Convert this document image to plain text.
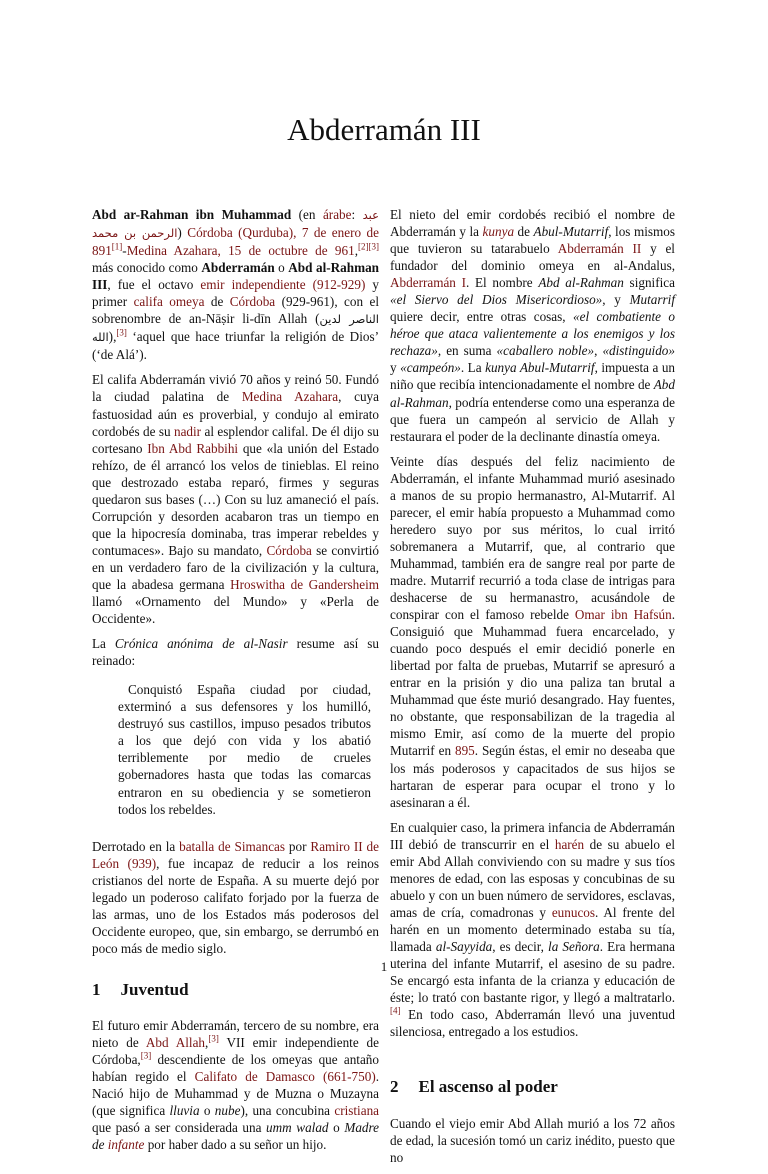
Abderramán III

Abd ar-Rahman ibn Muhammad (en árabe: عبد الرحمن بن محمد) Córdoba (Qurduba), 7 de enero de 891[1]-Medina Azahara, 15 de octubre de 961,[2][3] más conocido como Abderramán o Abd al-Rahman III, fue el octavo emir independiente (912-929) y primer califa omeya de Córdoba (929-961), con el sobrenombre de an-Nāṣir li-dīn Allah (الناصر لدين الله),[3] ‘aquel que hace triunfar la religión de Dios’ (‘de Alá’).

El califa Abderramán vivió 70 años y reinó 50. Fundó la ciudad palatina de Medina Azahara, cuya fastuosidad aún es proverbial, y condujo al emirato cordobés de su nadir al esplendor califal. De él dijo su cortesano Ibn Abd Rabbihi que «la unión del Estado rehízo, de él arrancó los velos de tinieblas. El reino que destrozado estaba reparó, firmes y seguras quedaron sus bases (…) Con su luz amaneció el país. Corrupción y desorden acabaron tras un tiempo en que la hipocresía dominaba, tras imperar rebeldes y contumaces». Bajo su mandato, Córdoba se convirtió en un verdadero faro de la civilización y la cultura, que la abadesa germana Hroswitha de Gandersheim llamó «Ornamento del Mundo» y «Perla de Occidente».

La Crónica anónima de al-Nasir resume así su reinado:

Conquistó España ciudad por ciudad, exterminó a sus defensores y los humilló, destruyó sus castillos, impuso pesados tributos a los que dejó con vida y los abatió terriblemente por medio de crueles gobernadores hasta que todas las comarcas entraron en su obediencia y se sometieron todos los rebeldes.

Derrotado en la batalla de Simancas por Ramiro II de León (939), fue incapaz de reducir a los reinos cristianos del norte de España. A su muerte dejó por legado un poderoso califato forjado por la fuerza de las armas, uno de los Estados más poderosos del Occidente europeo, que, sin embargo, se derrumbó en poco más de medio siglo.

1 Juventud

El futuro emir Abderramán, tercero de su nombre, era nieto de Abd Allah,[3] VII emir independiente de Córdoba,[3] descendiente de los omeyas que antaño habían regido el Califato de Damasco (661-750). Nació hijo de Muhammad y de Muzna o Muzayna (que significa lluvia o nube), una concubina cristiana que pasó a ser considerada una umm walad o Madre de infante por haber dado a su señor un hijo.

El nieto del emir cordobés recibió el nombre de Abderramán y la kunya de Abul-Mutarrif, los mismos que tuvieron su tatarabuelo Abderramán II y el fundador del dominio omeya en al-Andalus, Abderramán I. El nombre Abd al-Rahman significa «el Siervo del Dios Misericordioso», y Mutarrif quiere decir, entre otras cosas, «el combatiente o héroe que ataca valientemente a los enemigos y los rechaza», en suma «caballero noble», «distinguido» y «campeón». La kunya Abul-Mutarrif, impuesta a un niño que recibía intencionadamente el nombre de Abd al-Rahman, podría entenderse como una esperanza de que fuera un campeón al servicio de Allah y restaurara el poder de la declinante dinastía omeya.

Veinte días después del feliz nacimiento de Abderramán, el infante Muhammad murió asesinado a manos de su propio hermanastro, Al-Mutarrif. Al parecer, el emir había propuesto a Muhammad como heredero suyo por sus méritos, lo cual irritó sobremanera a Mutarrif, que, al contrario que Muhammad, también era de sangre real por parte de madre. Mutarrif recurrió a toda clase de intrigas para deshacerse de su hermanastro, acusándole de conspirar con el famoso rebelde Omar ibn Hafsún. Consiguió que Muhammad fuera encarcelado, y cuando poco después el emir decidió ponerle en libertad por falta de pruebas, Mutarrif se apresuró a entrar en la prisión y dio una paliza tan brutal a Muhammad que éste murió desangrado. Hay fuentes, no obstante, que responsabilizan de la tragedia al mismo Emir, así como de la muerte del propio Mutarrif en 895. Según éstas, el emir no deseaba que los más poderosos y capacitados de sus hijos se hartaran de esperar para ocupar el trono y lo asesinaran a él.

En cualquier caso, la primera infancia de Abderramán III debió de transcurrir en el harén de su abuelo el emir Abd Allah conviviendo con su madre y sus tíos menores de edad, con las esposas y concubinas de su abuelo y con un buen número de servidores, esclavas, amas de cría, comadronas y eunucos. Al frente del harén en un momento determinado estaba su tía, llamada al-Sayyida, es decir, la Señora. Era hermana uterina del infante Mutarrif, el asesino de su padre. Se encargó esta infanta de la crianza y educación de éste; lo trató con bastante rigor, y llegó a maltratarlo.[4] En todo caso, Abderramán llevó una juventud silenciosa, entregado a los estudios.

2 El ascenso al poder

Cuando el viejo emir Abd Allah murió a los 72 años de edad, la sucesión tomó un cariz inédito, puesto que no

1
